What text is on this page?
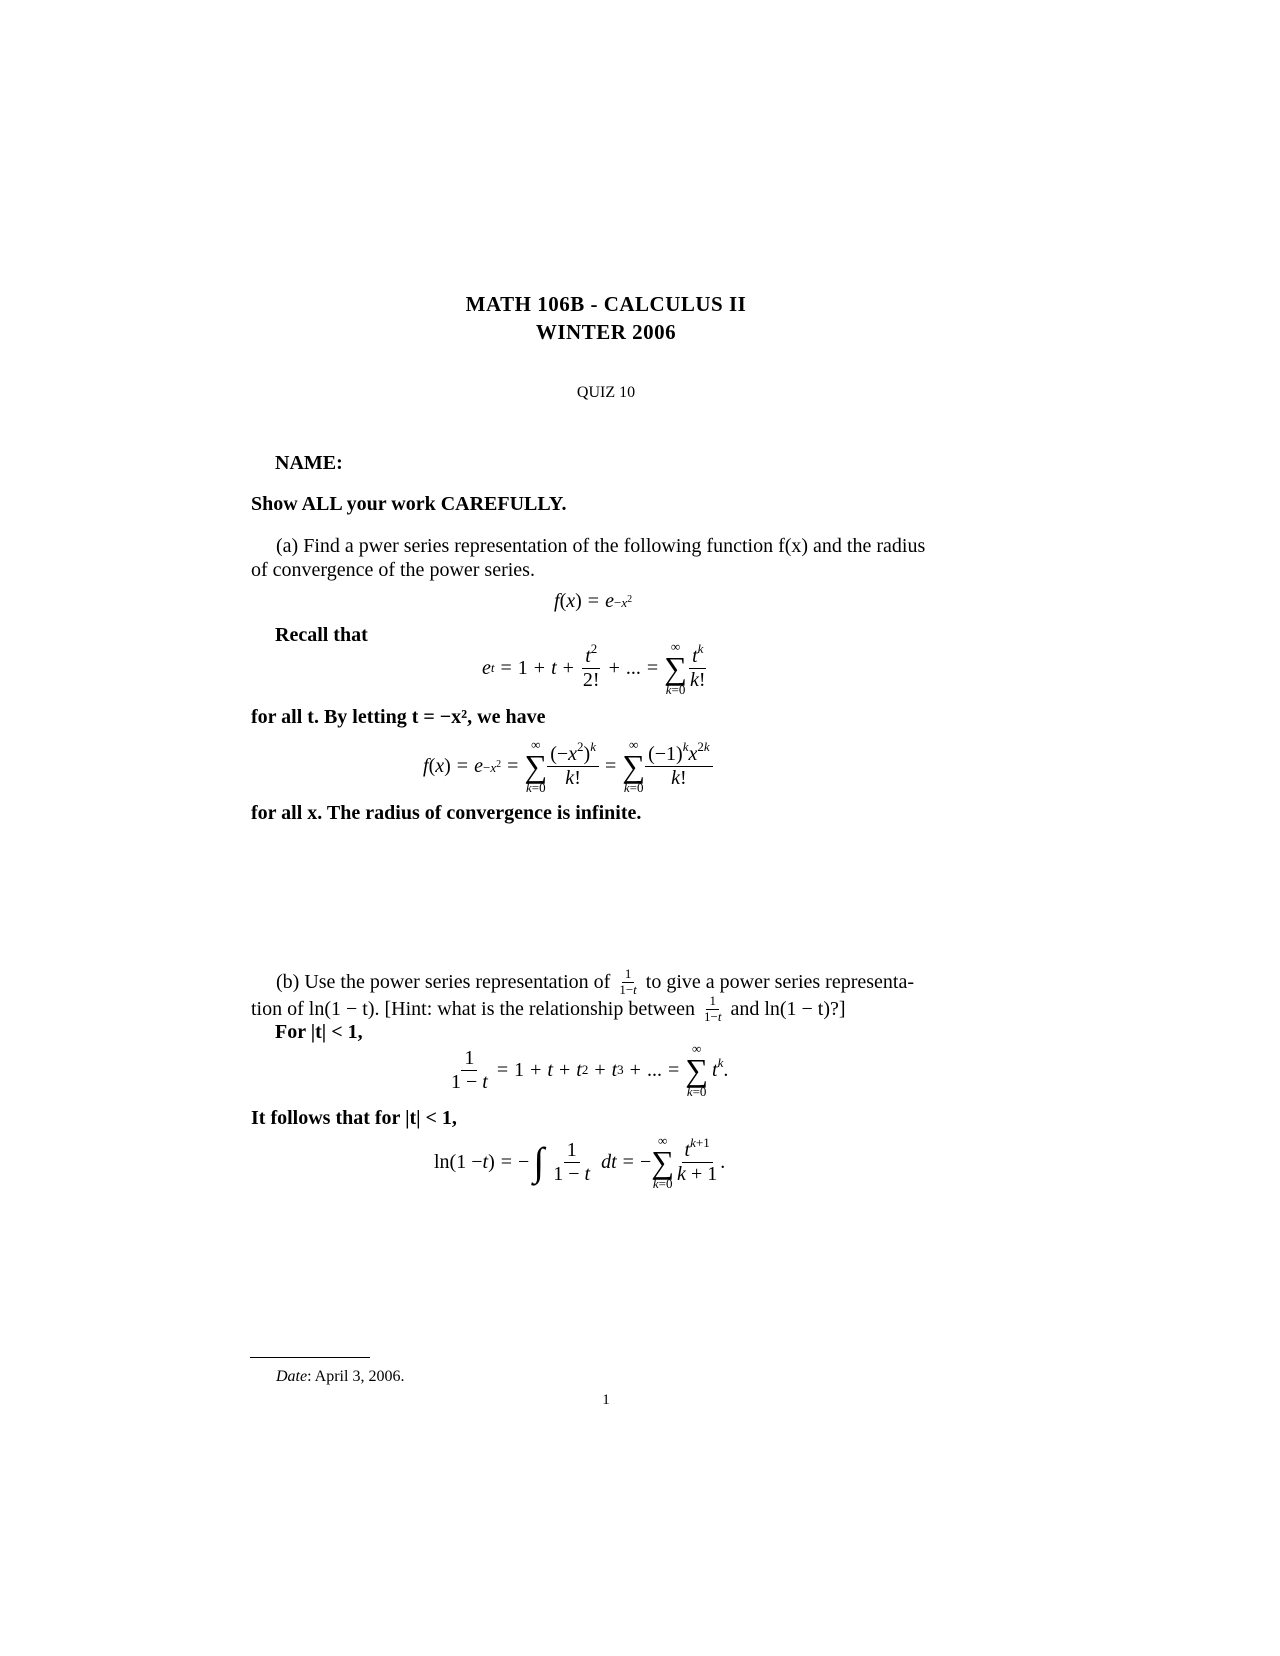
MATH 106B - CALCULUS II
WINTER 2006
QUIZ 10
NAME:
Show ALL your work CAREFULLY.
(a) Find a pwer series representation of the following function f(x) and the radius
of convergence of the power series.
f ( x ) = $e -x^2$
Recall that
e $t = 1 + t + \frac{t^2}{2!}$ + ... =
∞
∑
$k=0 \frac{t^k}{k!}$
for all t. By letting t = −x², we have
f ( x ) = $e -x^2$ =
∞
∑
$k=0 \frac{(-x^2)^k}{k!}$ =
∞
∑
$k=0 \frac{(-1)^kx^{2k}}{k!}$
for all x. The radius of convergence is infinite.
(b) Use the power series representation of $\frac{1}{1-t}$ to give a power series representa-
tion of ln(1 − t). [Hint: what is the relationship between $\frac{1}{1-t}$ and ln(1 − t)?]
For |t| < 1,
$\frac{1}{1 - t} = 1 + t + t$ 2 + t 3 + ... =
∞
∑
k=0
$t^k$.
It follows that for |t| < 1,
ln(1 − t ) = − ∫ $\frac{1}{1 - t}$ dt = −
∞
∑
$k=0 \frac{t^{k+1}}{k + 1}$ .
Date: April 3, 2006.
1
